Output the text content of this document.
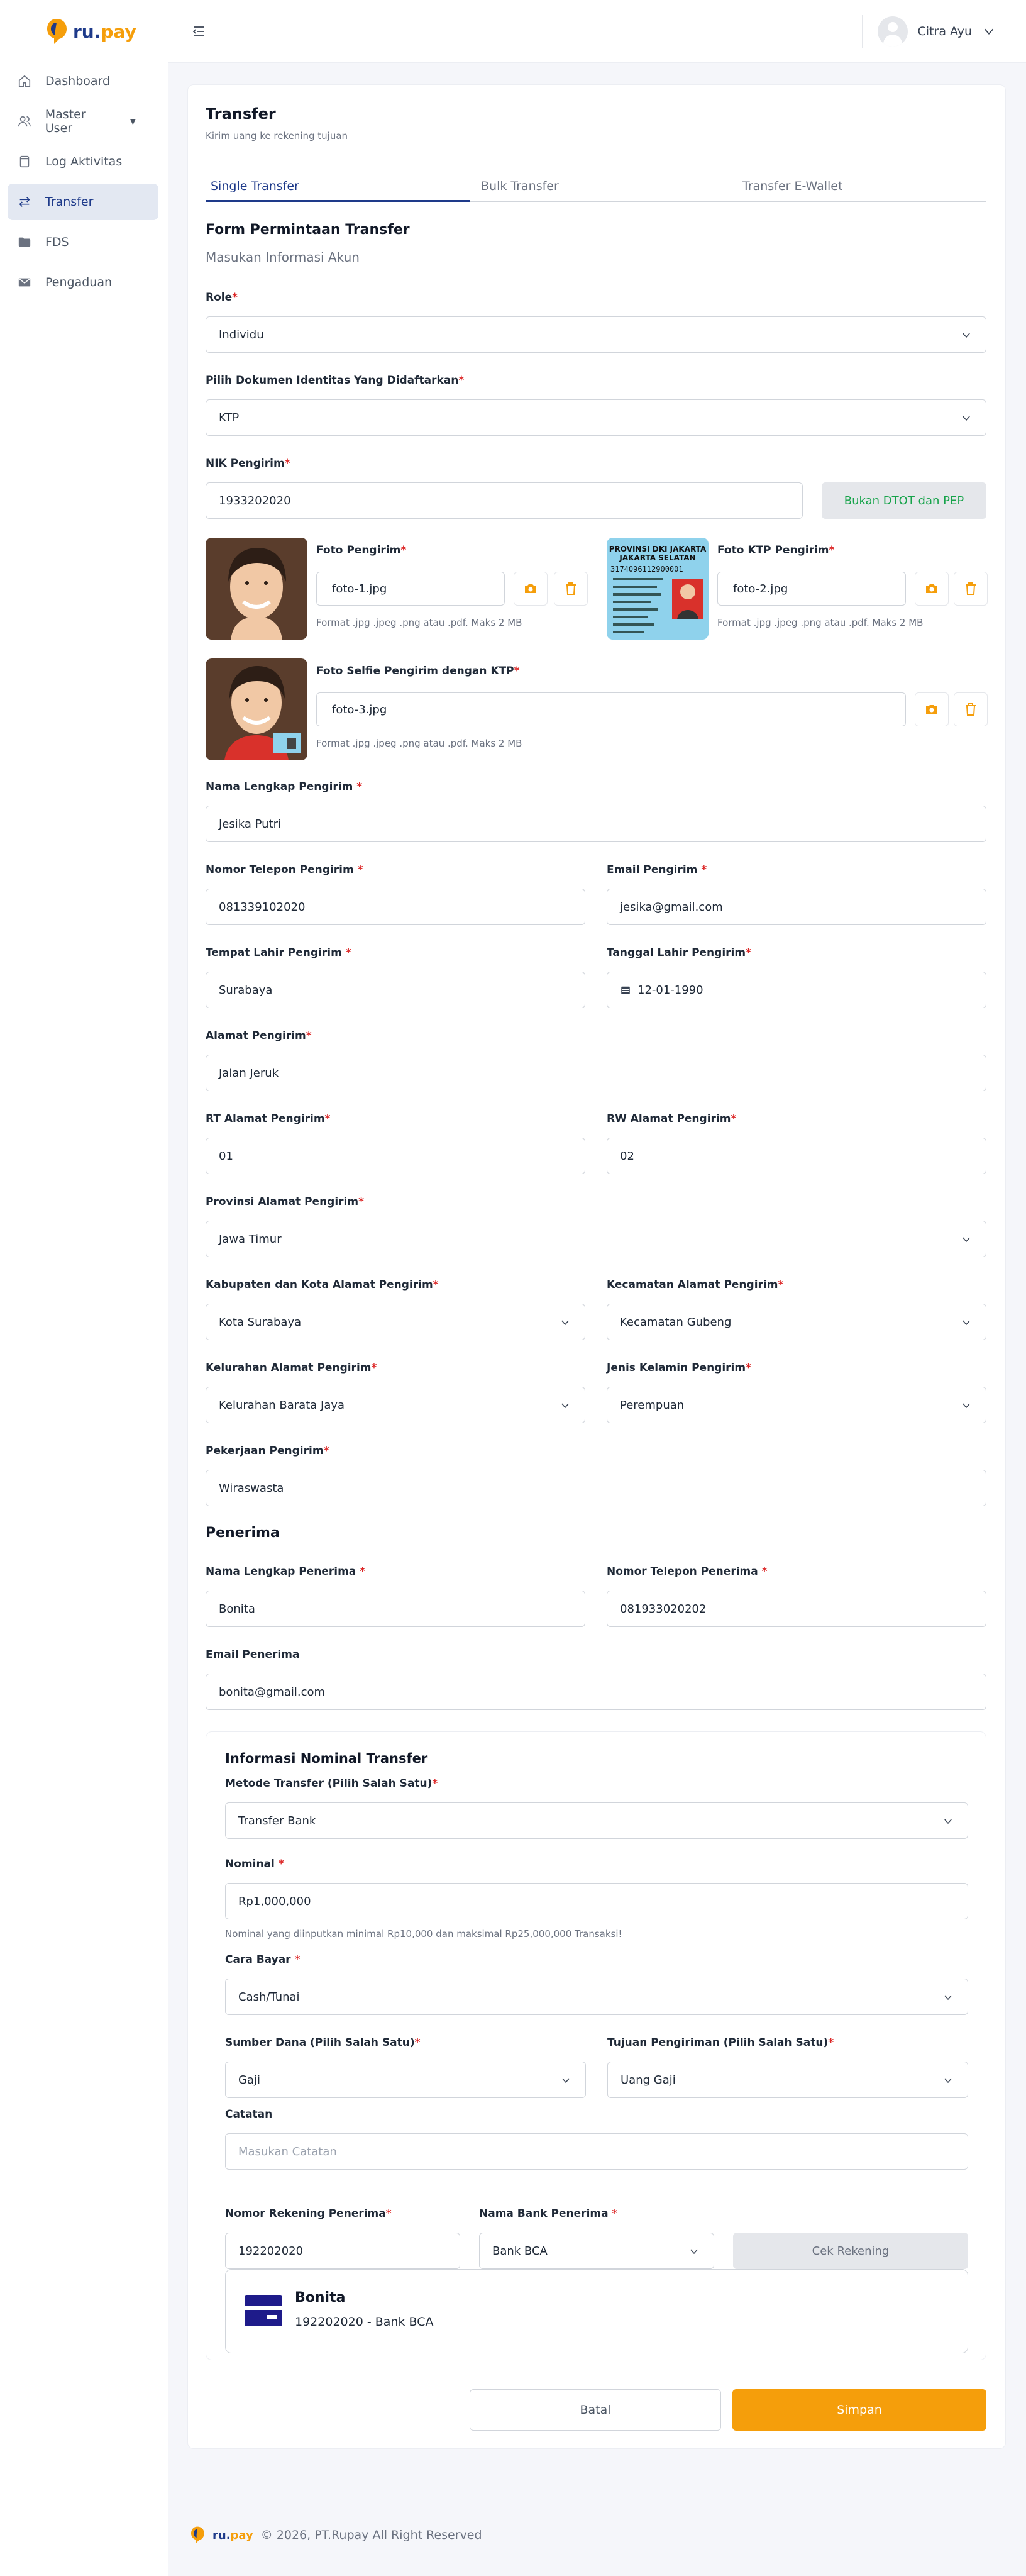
ru.pay
Dashboard
Master User	▼
Log Aktivitas
Transfer
FDS
Pengaduan
Citra Ayu
Transfer
Kirim uang ke rekening tujuan
Single Transfer	Bulk Transfer	Transfer E-Wallet
Form Permintaan Transfer
Masukan Informasi Akun
Role*
Individu
Pilih Dokumen Identitas Yang Didaftarkan*
KTP
NIK Pengirim*
1933202020	Bukan DTOT dan PEP
Foto Pengirim*
foto-1.jpg
Format .jpg .jpeg .png atau .pdf. Maks 2 MB
PROVINSI DKI JAKARTA
JAKARTA SELATAN
3174096112900001
Foto KTP Pengirim*
foto-2.jpg
Format .jpg .jpeg .png atau .pdf. Maks 2 MB
Foto Selfie Pengirim dengan KTP*
foto-3.jpg
Format .jpg .jpeg .png atau .pdf. Maks 2 MB
Nama Lengkap Pengirim *
Jesika Putri
Nomor Telepon Pengirim *
081339102020
Email Pengirim *
jesika@gmail.com
Tempat Lahir Pengirim *
Surabaya
Tanggal Lahir Pengirim*
12-01-1990
Alamat Pengirim*
Jalan Jeruk
RT Alamat Pengirim*
01
RW Alamat Pengirim*
02
Provinsi Alamat Pengirim*
Jawa Timur
Kabupaten dan Kota Alamat Pengirim*
Kota Surabaya
Kecamatan Alamat Pengirim*
Kecamatan Gubeng
Kelurahan Alamat Pengirim*
Kelurahan Barata Jaya
Jenis Kelamin Pengirim*
Perempuan
Pekerjaan Pengirim*
Wiraswasta
Penerima
Nama Lengkap Penerima *
Bonita
Nomor Telepon Penerima *
081933020202
Email Penerima
bonita@gmail.com
Informasi Nominal Transfer
Metode Transfer (Pilih Salah Satu)*
Transfer Bank
Nominal *
Rp1,000,000
Nominal yang diinputkan minimal Rp10,000 dan maksimal Rp25,000,000 Transaksi!
Cara Bayar *
Cash/Tunai
Sumber Dana (Pilih Salah Satu)*
Gaji
Tujuan Pengiriman (Pilih Salah Satu)*
Uang Gaji
Catatan
Masukan Catatan
Nomor Rekening Penerima*
192202020
Nama Bank Penerima *
Bank BCA	Cek Rekening
Bonita
192202020 - Bank BCA
Batal	Simpan
ru.pay © 2026, PT.Rupay All Right Reserved
